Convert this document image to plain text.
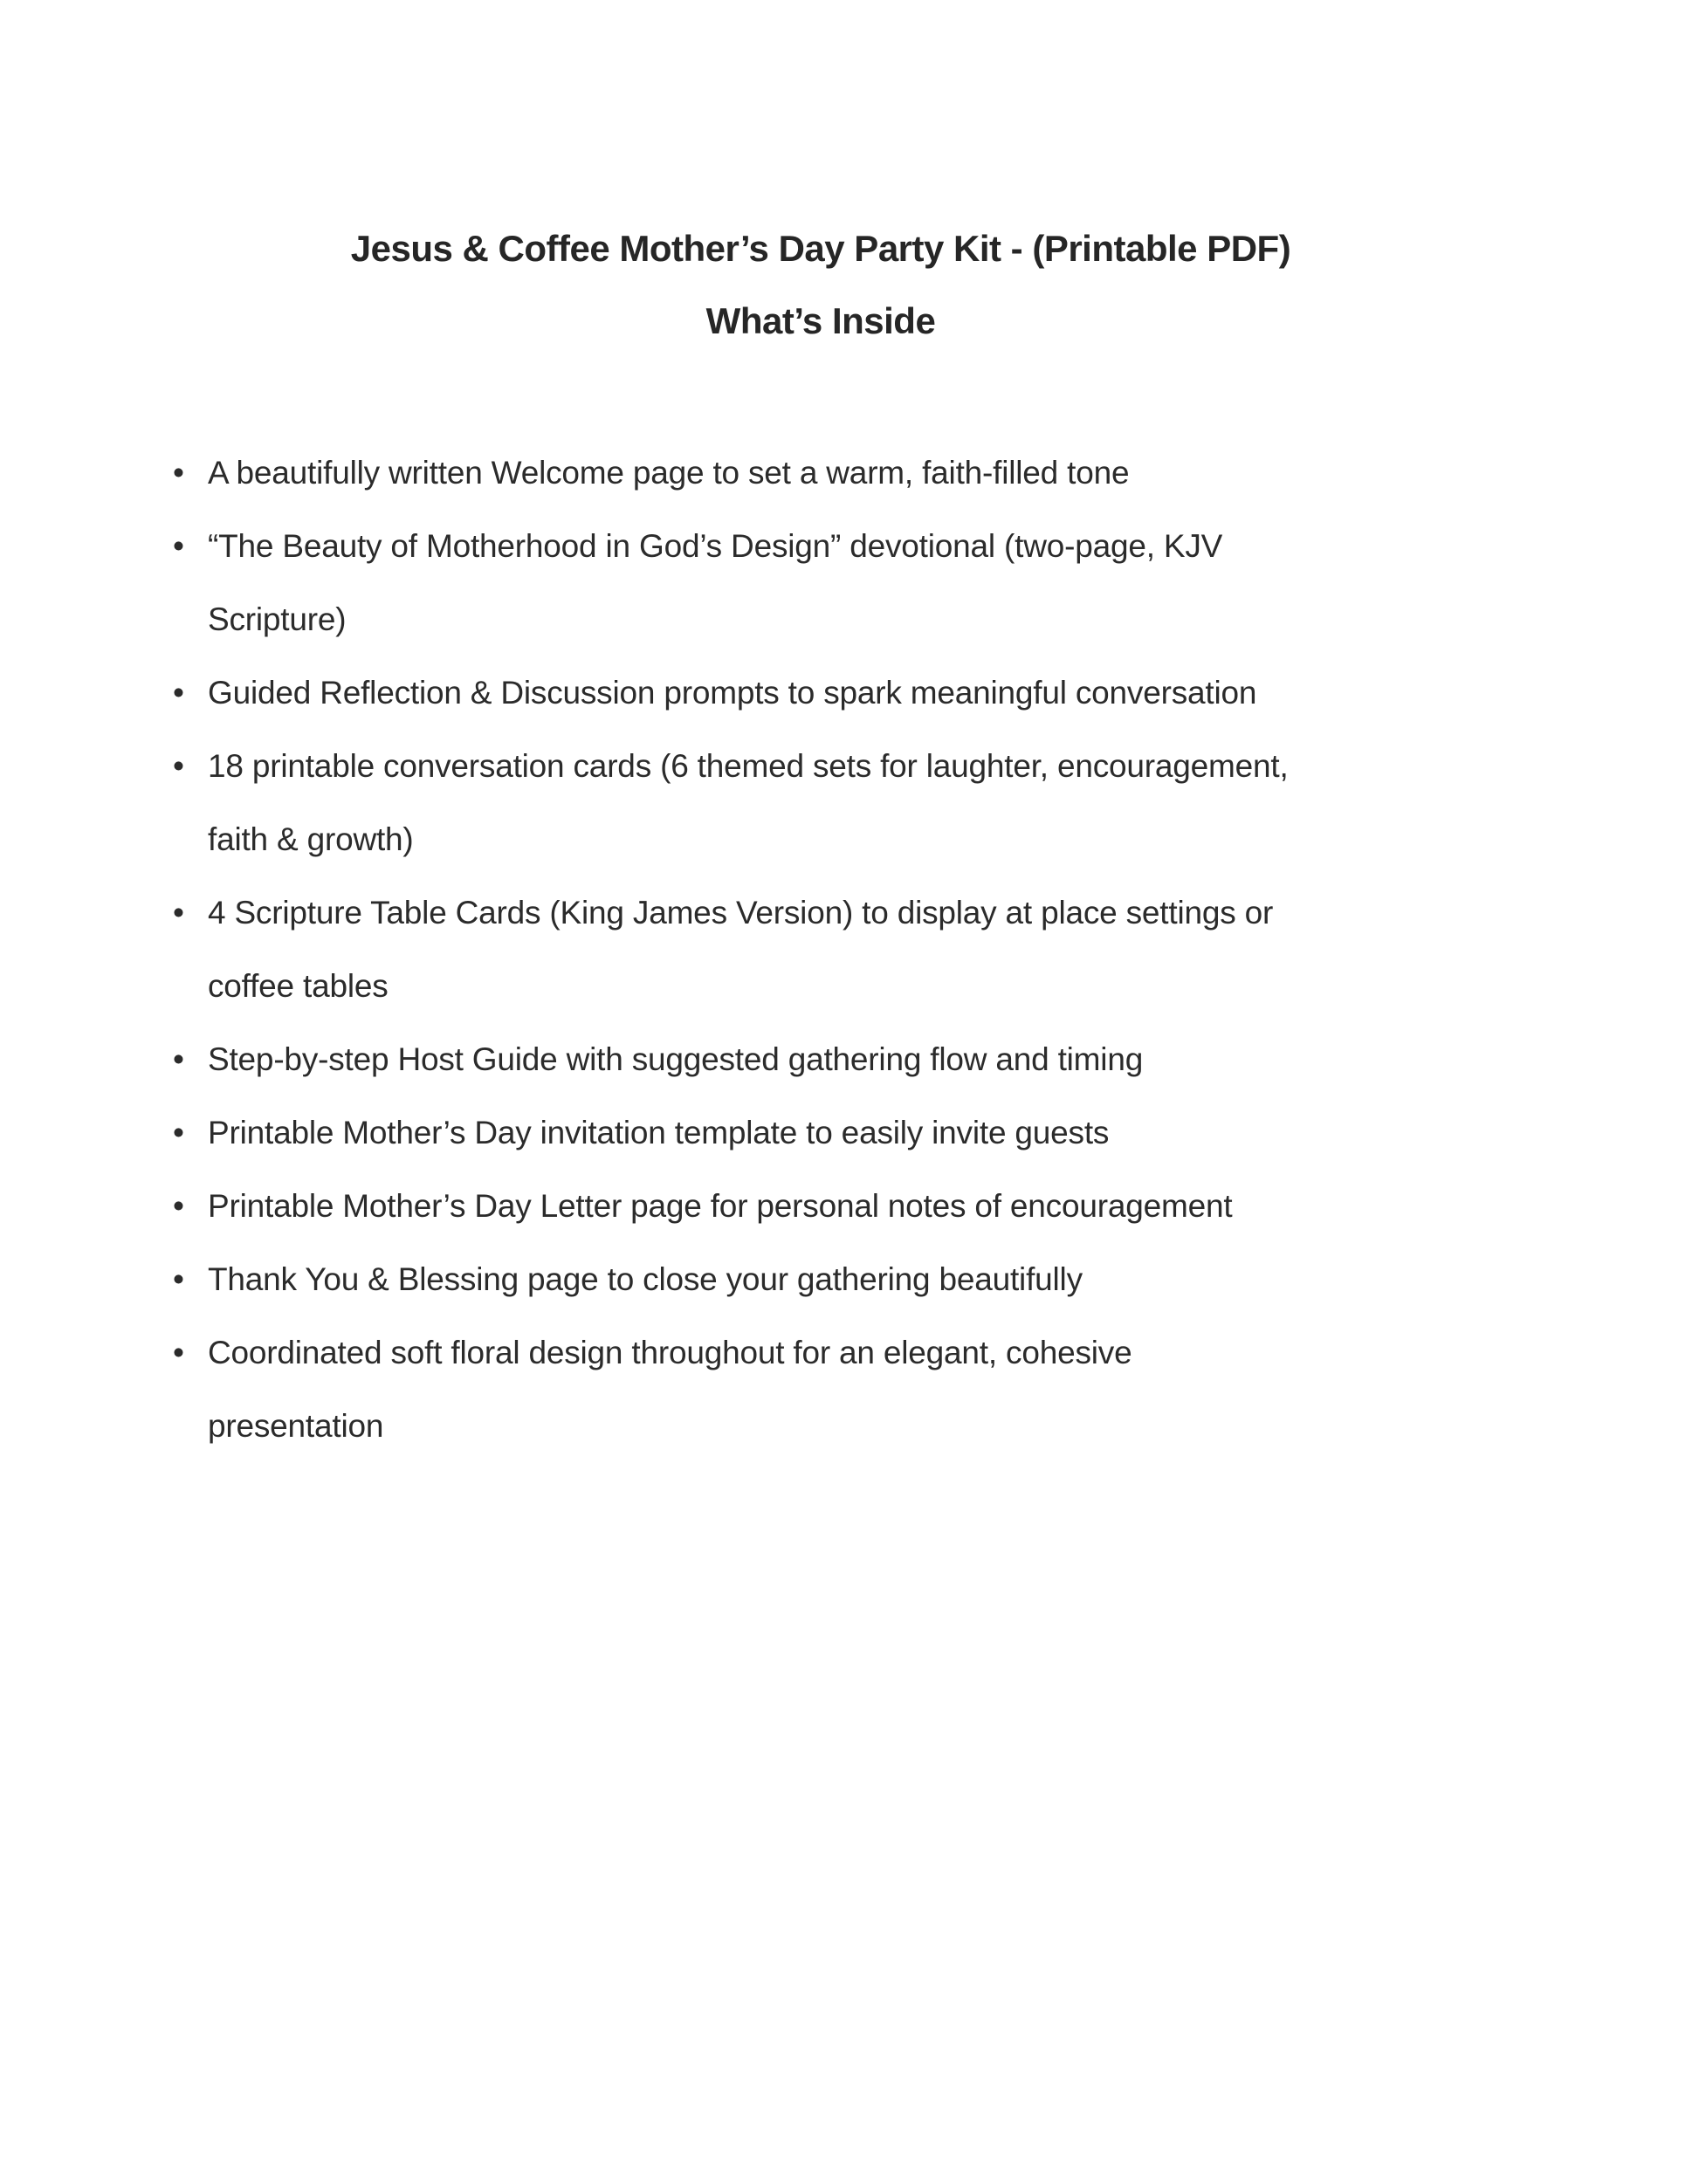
Jesus & Coffee Mother’s Day Party Kit - (Printable PDF)
What’s Inside
• A beautifully written Welcome page to set a warm, faith-filled tone
• “The Beauty of Motherhood in God’s Design” devotional (two-page, KJV
Scripture)
• Guided Reflection & Discussion prompts to spark meaningful conversation
• 18 printable conversation cards (6 themed sets for laughter, encouragement,
faith & growth)
• 4 Scripture Table Cards (King James Version) to display at place settings or
coffee tables
• Step-by-step Host Guide with suggested gathering flow and timing
• Printable Mother’s Day invitation template to easily invite guests
• Printable Mother’s Day Letter page for personal notes of encouragement
• Thank You & Blessing page to close your gathering beautifully
• Coordinated soft floral design throughout for an elegant, cohesive
presentation
